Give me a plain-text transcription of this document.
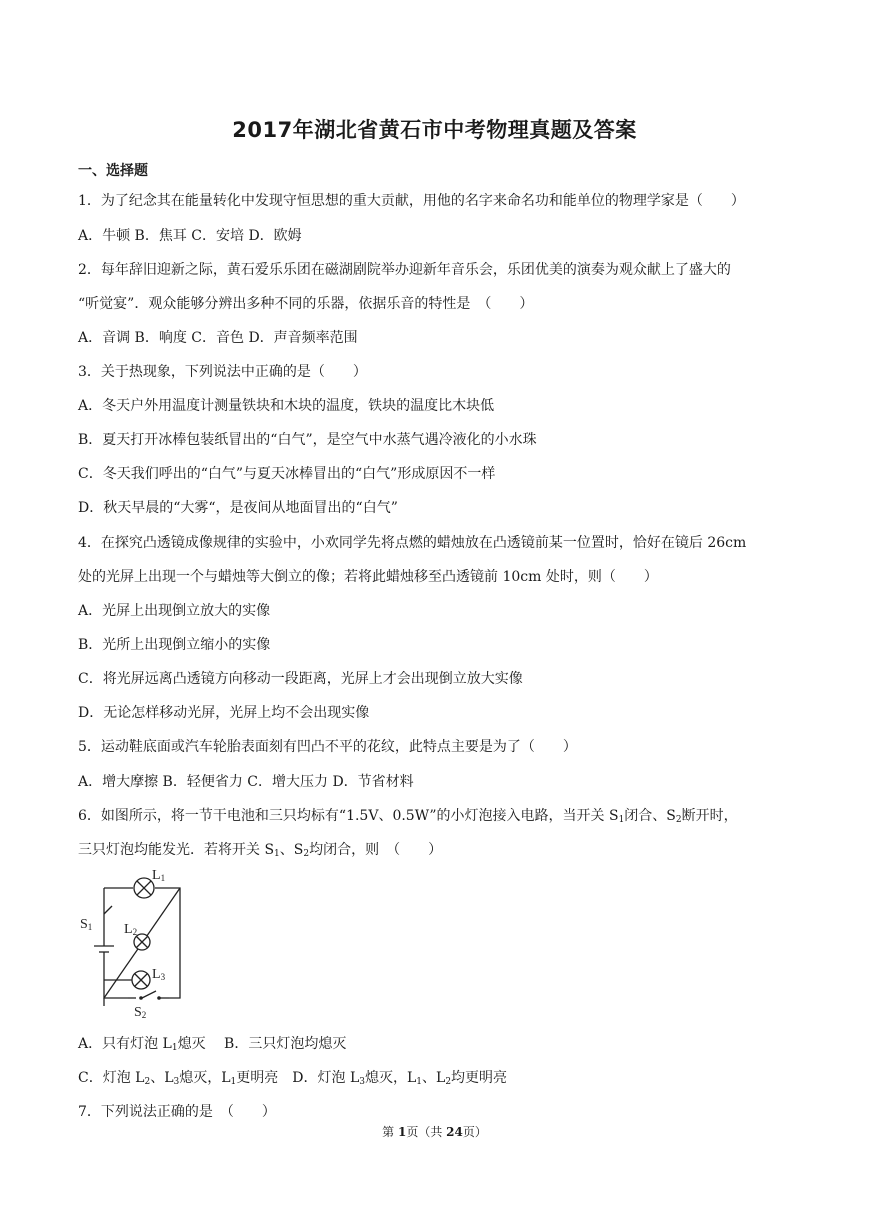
2017年湖北省黄石市中考物理真题及答案
一、选择题
1．为了纪念其在能量转化中发现守恒思想的重大贡献，用他的名字来命名功和能单位的物理学家是（　　）
A．牛顿 B．焦耳 C．安培 D．欧姆
2．每年辞旧迎新之际，黄石爱乐乐团在磁湖剧院举办迎新年音乐会，乐团优美的演奏为观众献上了盛大的
“听觉宴”．观众能够分辨出多种不同的乐器，依据乐音的特性是　（　　）
A．音调 B．响度 C．音色 D．声音频率范围
3．关于热现象，下列说法中正确的是（　　）
A．冬天户外用温度计测量铁块和木块的温度，铁块的温度比木块低
B．夏天打开冰棒包装纸冒出的“白气”，是空气中水蒸气遇冷液化的小水珠
C．冬天我们呼出的“白气”与夏天冰棒冒出的“白气”形成原因不一样
D．秋天早晨的“大雾“，是夜间从地面冒出的“白气”
4．在探究凸透镜成像规律的实验中，小欢同学先将点燃的蜡烛放在凸透镜前某一位置时，恰好在镜后 26cm
处的光屏上出现一个与蜡烛等大倒立的像；若将此蜡烛移至凸透镜前 10cm 处时，则（　　）
A．光屏上出现倒立放大的实像
B．光所上出现倒立缩小的实像
C．将光屏远离凸透镜方向移动一段距离，光屏上才会出现倒立放大实像
D．无论怎样移动光屏，光屏上均不会出现实像
5．运动鞋底面或汽车轮胎表面刻有凹凸不平的花纹，此特点主要是为了（　　）
A．增大摩擦 B．轻便省力 C．增大压力 D．节省材料
6．如图所示，将一节干电池和三只均标有“1.5V、0.5W”的小灯泡接入电路，当开关 $S_1$闭合、$S_2$断开时，
三只灯泡均能发光．若将开关 $S_1$、$S_2$均闭合，则　（　　）
L1
L2
L3
S1
S2
A．只有灯泡 $L_1$熄灭　 B．三只灯泡均熄灭
C．灯泡 $L_2$、$L_3$熄灭，$L_1$更明亮　D．灯泡 $L_3$熄灭，$L_1$、$L_2$均更明亮
7．下列说法正确的是　（　　）
第 1页（共 24页）
